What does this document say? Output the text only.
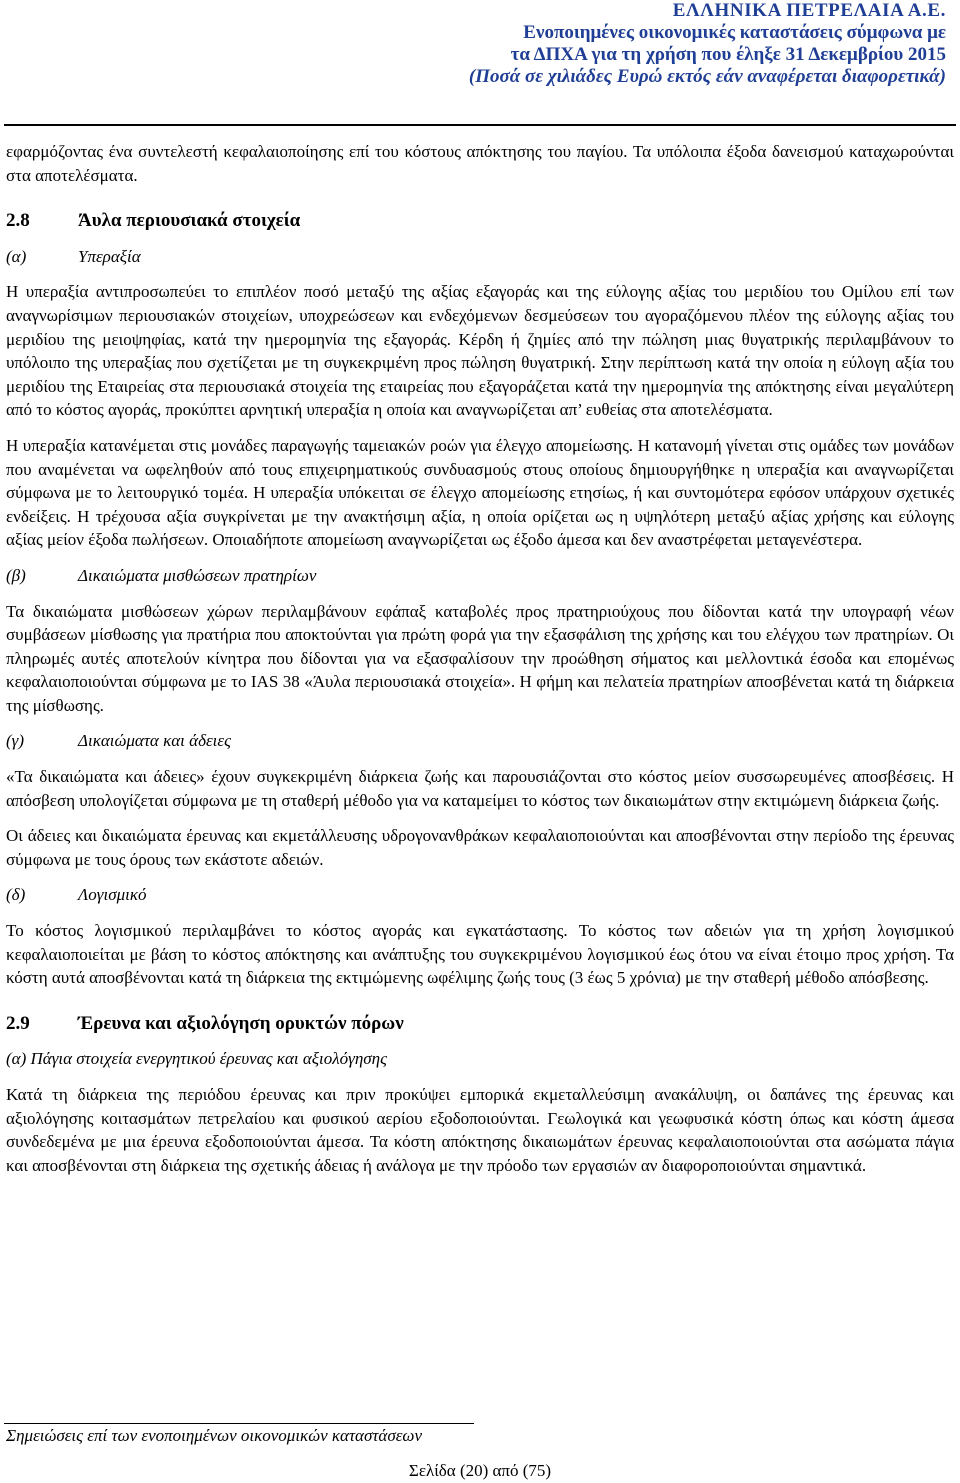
ΕΛΛΗΝΙΚΑ ΠΕΤΡΕΛΑΙΑ Α.Ε.
Ενοποιημένες οικονομικές καταστάσεις σύμφωνα με
τα ΔΠΧΑ για τη χρήση που έληξε 31 Δεκεμβρίου 2015
(Ποσά σε χιλιάδες Ευρώ εκτός εάν αναφέρεται διαφορετικά)

εφαρμόζοντας ένα συντελεστή κεφαλαιοποίησης επί του κόστους απόκτησης του παγίου. Τα υπόλοιπα έξοδα δανεισμού καταχωρούνται στα αποτελέσματα.

2.8	Άυλα περιουσιακά στοιχεία
(α)	Υπεραξία

Η υπεραξία αντιπροσωπεύει το επιπλέον ποσό μεταξύ της αξίας εξαγοράς και της εύλογης αξίας του μεριδίου του Ομίλου επί των αναγνωρίσιμων περιουσιακών στοιχείων, υποχρεώσεων και ενδεχόμενων δεσμεύσεων του αγοραζόμενου πλέον της εύλογης αξίας του μεριδίου της μειοψηφίας, κατά την ημερομηνία της εξαγοράς. Κέρδη ή ζημίες από την πώληση μιας θυγατρικής περιλαμβάνουν το υπόλοιπο της υπεραξίας που σχετίζεται με τη συγκεκριμένη προς πώληση θυγατρική. Στην περίπτωση κατά την οποία η εύλογη αξία του μεριδίου της Εταιρείας στα περιουσιακά στοιχεία της εταιρείας που εξαγοράζεται κατά την ημερομηνία της απόκτησης είναι μεγαλύτερη από το κόστος αγοράς, προκύπτει αρνητική υπεραξία η οποία και αναγνωρίζεται απ’ ευθείας στα αποτελέσματα.

Η υπεραξία κατανέμεται στις μονάδες παραγωγής ταμειακών ροών για έλεγχο απομείωσης. Η κατανομή γίνεται στις ομάδες των μονάδων που αναμένεται να ωφεληθούν από τους επιχειρηματικούς συνδυασμούς στους οποίους δημιουργήθηκε η υπεραξία και αναγνωρίζεται σύμφωνα με το λειτουργικό τομέα. Η υπεραξία υπόκειται σε έλεγχο απομείωσης ετησίως, ή και συντομότερα εφόσον υπάρχουν σχετικές ενδείξεις. Η τρέχουσα αξία συγκρίνεται με την ανακτήσιμη αξία, η οποία ορίζεται ως η υψηλότερη μεταξύ αξίας χρήσης και εύλογης αξίας μείον έξοδα πωλήσεων. Οποιαδήποτε απομείωση αναγνωρίζεται ως έξοδο άμεσα και δεν αναστρέφεται μεταγενέστερα.

(β)	Δικαιώματα μισθώσεων πρατηρίων

Τα δικαιώματα μισθώσεων χώρων περιλαμβάνουν εφάπαξ καταβολές προς πρατηριούχους που δίδονται κατά την υπογραφή νέων συμβάσεων μίσθωσης για πρατήρια που αποκτούνται για πρώτη φορά για την εξασφάλιση της χρήσης και του ελέγχου των πρατηρίων. Οι πληρωμές αυτές αποτελούν κίνητρα που δίδονται για να εξασφαλίσουν την προώθηση σήματος και μελλοντικά έσοδα και επομένως κεφαλαιοποιούνται σύμφωνα με το IAS 38 «Άυλα περιουσιακά στοιχεία». Η φήμη και πελατεία πρατηρίων αποσβένεται κατά τη διάρκεια της μίσθωσης.

(γ)	Δικαιώματα και άδειες

«Τα δικαιώματα και άδειες» έχουν συγκεκριμένη διάρκεια ζωής και παρουσιάζονται στο κόστος μείον συσσωρευμένες αποσβέσεις. Η απόσβεση υπολογίζεται σύμφωνα με τη σταθερή μέθοδο για να καταμείμει το κόστος των δικαιωμάτων στην εκτιμώμενη διάρκεια ζωής.

Οι άδειες και δικαιώματα έρευνας και εκμετάλλευσης υδρογονανθράκων κεφαλαιοποιούνται και αποσβένονται στην περίοδο της έρευνας σύμφωνα με τους όρους των εκάστοτε αδειών.

(δ)	Λογισμικό

Το κόστος λογισμικού περιλαμβάνει το κόστος αγοράς και εγκατάστασης. Το κόστος των αδειών για τη χρήση λογισμικού κεφαλαιοποιείται με βάση το κόστος απόκτησης και ανάπτυξης του συγκεκριμένου λογισμικού έως ότου να είναι έτοιμο προς χρήση. Τα κόστη αυτά αποσβένονται κατά τη διάρκεια της εκτιμώμενης ωφέλιμης ζωής τους (3 έως 5 χρόνια) με την σταθερή μέθοδο απόσβεσης.

2.9	Έρευνα και αξιολόγηση ορυκτών πόρων
(α) Πάγια στοιχεία ενεργητικού έρευνας και αξιολόγησης

Κατά τη διάρκεια της περιόδου έρευνας και πριν προκύψει εμπορικά εκμεταλλεύσιμη ανακάλυψη, οι δαπάνες της έρευνας και αξιολόγησης κοιτασμάτων πετρελαίου και φυσικού αερίου εξοδοποιούνται. Γεωλογικά και γεωφυσικά κόστη όπως και κόστη άμεσα συνδεδεμένα με μια έρευνα εξοδοποιούνται άμεσα. Τα κόστη απόκτησης δικαιωμάτων έρευνας κεφαλαιοποιούνται στα ασώματα πάγια και αποσβένονται στη διάρκεια της σχετικής άδειας ή ανάλογα με την πρόοδο των εργασιών αν διαφοροποιούνται σημαντικά.

Σημειώσεις επί των ενοποιημένων οικονομικών καταστάσεων
Σελίδα (20) από (75)
